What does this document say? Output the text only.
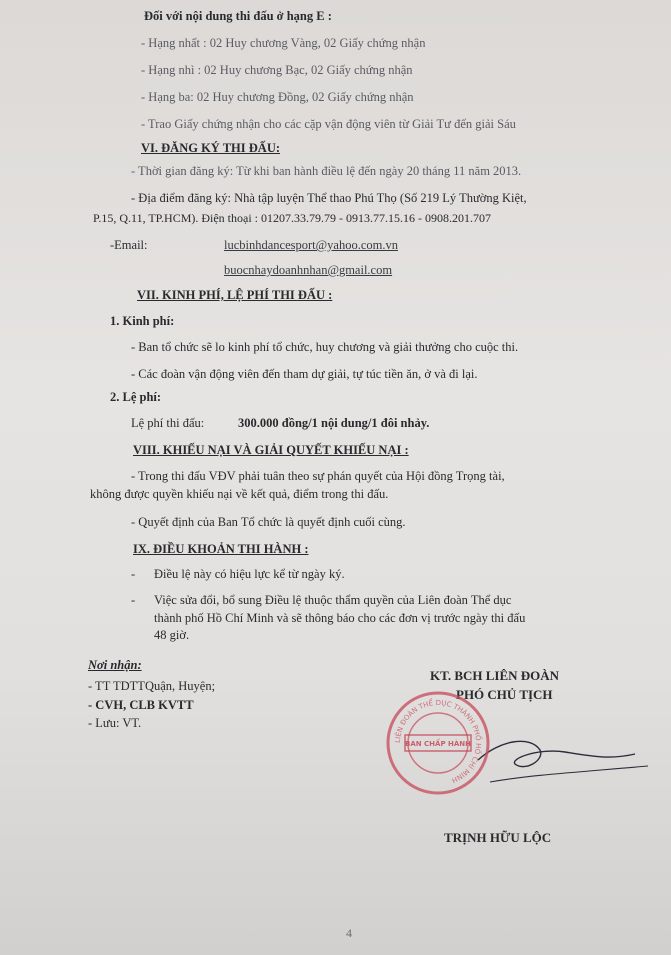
Đối với nội dung thi đấu ở hạng E :
- Hạng nhất : 02 Huy chương Vàng, 02 Giấy chứng nhận
- Hạng nhì : 02 Huy chương Bạc, 02 Giấy chứng nhận
- Hạng ba: 02 Huy chương Đồng, 02 Giấy chứng nhận
- Trao Giấy chứng nhận cho các cặp vận động viên từ Giải Tư đến giải Sáu
VI. ĐĂNG KÝ THI ĐẤU:
- Thời gian đăng ký: Từ khi ban hành điều lệ đến ngày 20 tháng 11 năm 2013.
- Địa điểm đăng ký: Nhà tập luyện Thể thao Phú Thọ (Số 219 Lý Thường Kiệt,
P.15, Q.11, TP.HCM). Điện thoại : 01207.33.79.79 - 0913.77.15.16 - 0908.201.707
-Email:	lucbinhdancesport@yahoo.com.vn
buocnhaydoanhnhan@gmail.com
VII. KINH PHÍ, LỆ PHÍ THI ĐẤU :
1. Kinh phí:
- Ban tổ chức sẽ lo kinh phí tổ chức, huy chương và giải thưởng cho cuộc thi.
- Các đoàn vận động viên đến tham dự giải, tự túc tiền ăn, ở và đi lại.
2. Lệ phí:
Lệ phí thi đấu:	300.000 đồng/1 nội dung/1 đôi nhảy.
VIII. KHIẾU NẠI VÀ GIẢI QUYẾT KHIẾU NẠI :
- Trong thi đấu VĐV phải tuân theo sự phán quyết của Hội đồng Trọng tài,
không được quyền khiếu nại về kết quả, điểm trong thi đấu.
- Quyết định của Ban Tổ chức là quyết định cuối cùng.
IX. ĐIỀU KHOẢN THI HÀNH :
- Điều lệ này có hiệu lực kể từ ngày ký.
- Việc sửa đổi, bổ sung Điều lệ thuộc thẩm quyền của Liên đoàn Thể dục
thành phố Hồ Chí Minh và sẽ thông báo cho các đơn vị trước ngày thi đấu
48 giờ.
Nơi nhận:
- TT TDTTQuận, Huyện;
- CVH, CLB KVTT
- Lưu: VT.
KT. BCH LIÊN ĐOÀN
PHÓ CHỦ TỊCH
LIÊN ĐOÀN THỂ DỤC THÀNH PHỐ HỒ CHÍ MINH
BAN CHẤP HÀNH
TRỊNH HỮU LỘC
4
